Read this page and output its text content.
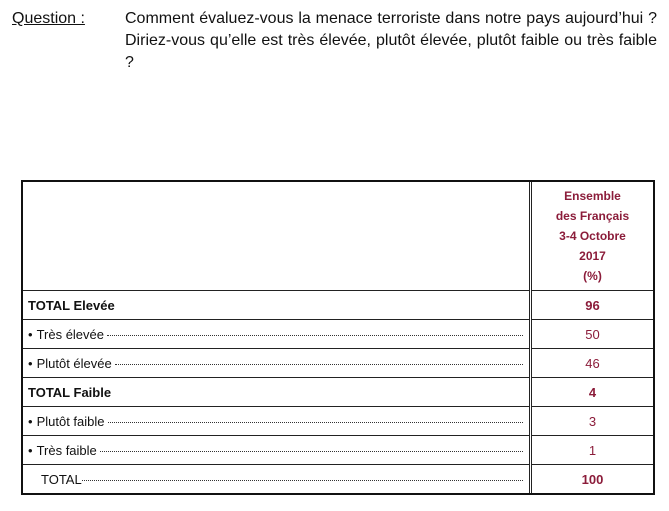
Question :	Comment évaluez-vous la menace terroriste dans notre pays aujourd’hui ? Diriez-vous qu’elle est très élevée, plutôt élevée, plutôt faible ou très faible ?

	Ensemble
des Français
3-4 Octobre
2017
(%)

TOTAL Elevée	96

• Très élevée	50

• Plutôt élevée	46
TOTAL Faible	4

• Plutôt faible	3

• Très faible	1

TOTAL	100
